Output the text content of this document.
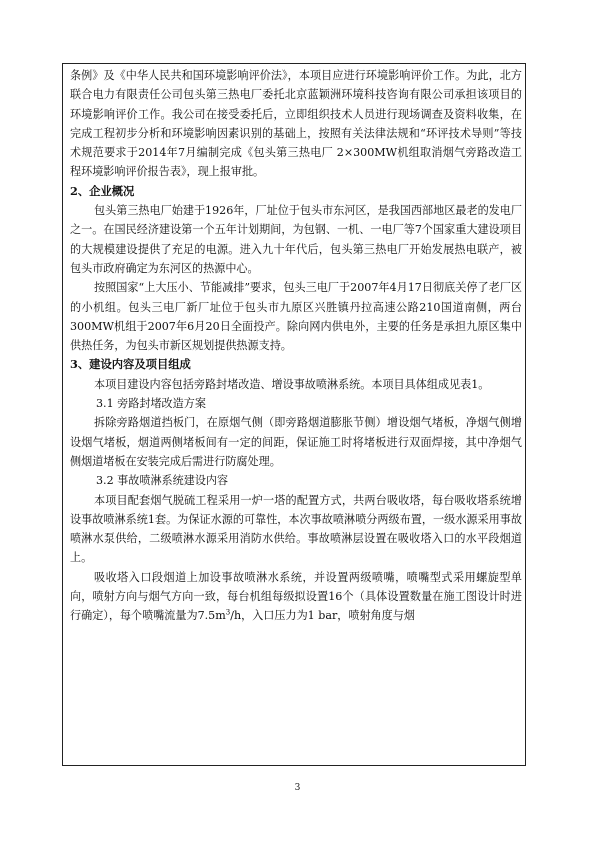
条例》及《中华人民共和国环境影响评价法》，本项目应进行环境影响评价工作。为此，北方联合电力有限责任公司包头第三热电厂委托北京蓝颖洲环境科技咨询有限公司承担该项目的环境影响评价工作。我公司在接受委托后，立即组织技术人员进行现场调查及资料收集，在完成工程初步分析和环境影响因素识别的基础上，按照有关法律法规和“环评技术导则”等技术规范要求于2014年7月编制完成《包头第三热电厂 2×300MW机组取消烟气旁路改造工程环境影响评价报告表》，现上报审批。

2、企业概况

包头第三热电厂始建于1926年，厂址位于包头市东河区，是我国西部地区最老的发电厂之一。在国民经济建设第一个五年计划期间，为包钢、一机、一电厂等7个国家重大建设项目的大规模建设提供了充足的电源。进入九十年代后，包头第三热电厂开始发展热电联产，被包头市政府确定为东河区的热源中心。

按照国家“上大压小、节能减排”要求，包头三电厂于2007年4月17日彻底关停了老厂区的小机组。包头三电厂新厂址位于包头市九原区兴胜镇丹拉高速公路210国道南侧，两台300MW机组于2007年6月20日全面投产。除向网内供电外，主要的任务是承担九原区集中供热任务，为包头市新区规划提供热源支持。

3、建设内容及项目组成

本项目建设内容包括旁路封堵改造、增设事故喷淋系统。本项目具体组成见表1。

3.1 旁路封堵改造方案

拆除旁路烟道挡板门，在原烟气侧（即旁路烟道膨胀节侧）增设烟气堵板，净烟气侧增设烟气堵板，烟道两侧堵板间有一定的间距，保证施工时将堵板进行双面焊接，其中净烟气侧烟道堵板在安装完成后需进行防腐处理。

3.2 事故喷淋系统建设内容

本项目配套烟气脱硫工程采用一炉一塔的配置方式，共两台吸收塔，每台吸收塔系统增设事故喷淋系统1套。为保证水源的可靠性，本次事故喷淋喷分两级布置，一级水源采用事故喷淋水泵供给，二级喷淋水源采用消防水供给。事故喷淋层设置在吸收塔入口的水平段烟道上。

吸收塔入口段烟道上加设事故喷淋水系统，并设置两级喷嘴，喷嘴型式采用螺旋型单向，喷射方向与烟气方向一致，每台机组每级拟设置16个（具体设置数量在施工图设计时进行确定），每个喷嘴流量为$7.5m^3/h$，入口压力为1 bar，喷射角度与烟

3
